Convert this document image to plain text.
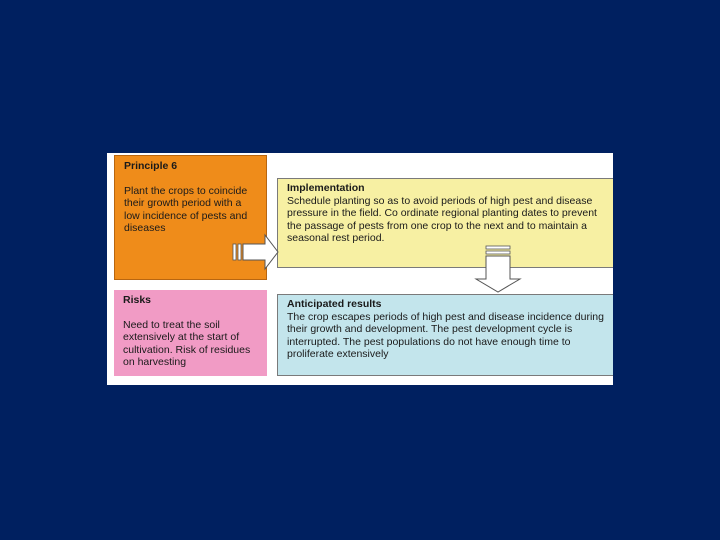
Principle 6
Plant the crops to coincide their growth period with a low incidence of pests and diseases
Implementation
Schedule planting so as to avoid periods of high pest and disease pressure in the field. Co ordinate regional planting dates to prevent the passage of pests from one crop to the next and to maintain a seasonal rest period.
Risks
Need to treat the soil extensively at the start of cultivation. Risk of residues on harvesting
Anticipated results
The crop escapes periods of high pest and disease incidence during their growth and development. The pest development cycle is interrupted. The pest populations do not have enough time to proliferate extensively
